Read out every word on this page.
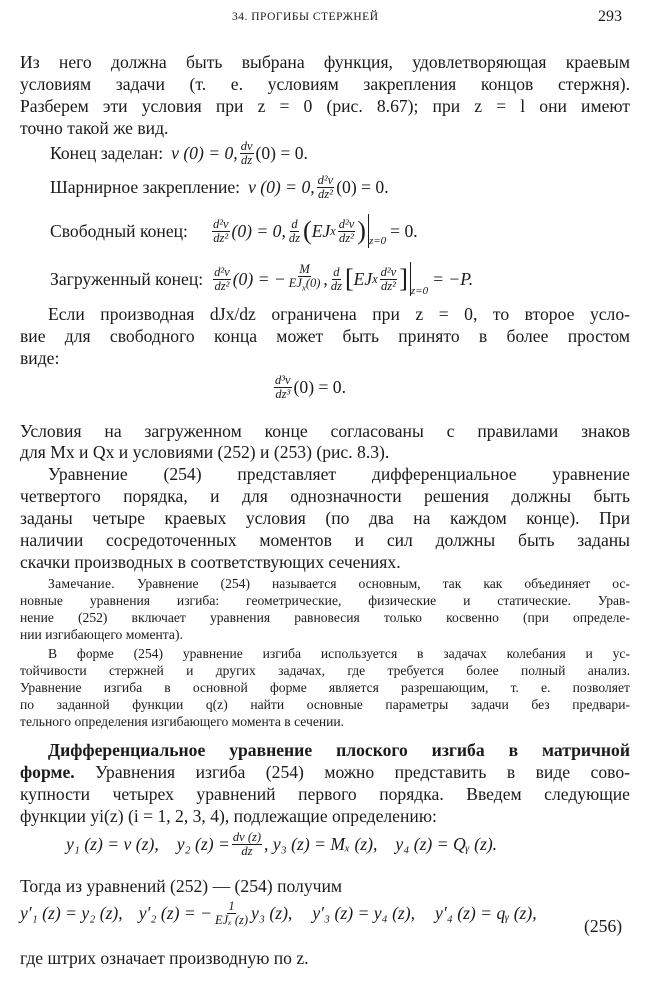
34. ПРОГИБЫ СТЕРЖНЕЙ	293
Из него должна быть выбрана функция, удовлетворяющая краевым
условиям задачи (т. е. условиям закрепления концов стержня).
Разберем эти условия при z = 0 (рис. 8.67); при z = l они имеют
точно такой же вид.
Конец заделан: v (0) = 0, $\frac{dv}{dz} (0) = 0$.
Шарнирное закрепление: v (0) = 0, $\frac{\text{d²v}}{\text{dz²}} (0) = 0$.
Свободный конец: $\frac{\text{d²v}}{\text{dz²}} (0) = 0$, $\frac{d}{dz}$ ( EJ x $\frac{\text{d²v}}{\text{dz²}}$ ) $_{z=0}$ = 0.
Загруженный конец: $\frac{\text{d²v}}{\text{dz²}} (0)$ = − $\frac{M}{EJ_x(0)}$ , $\frac{d}{dz}$ [ EJ x $\frac{\text{d²v}}{\text{dz²}}$ ] $_{z=0}$
= −P.
Если производная dJx/dz ограничена при z = 0, то второе усло-
вие для свободного конца может быть принято в более простом
виде:
$\frac{\text{d³v}}{\text{dz³}} (0) = 0$.
Условия на загруженном конце согласованы с правилами знаков
для Mx и Qx и условиями (252) и (253) (рис. 8.3).
Уравнение (254) представляет дифференциальное уравнение
четвертого порядка, и для однозначности решения должны быть
заданы четыре краевых условия (по два на каждом конце). При
наличии сосредоточенных моментов и сил должны быть заданы
скачки производных в соответствующих сечениях.
Замечание. Уравнение (254) называется основным, так как объединяет ос-
новные уравнения изгиба: геометрические, физические и статические. Урав-
нение (252) включает уравнения равновесия только косвенно (при определе-
нии изгибающего момента).
В форме (254) уравнение изгиба используется в задачах колебания и ус-
тойчивости стержней и других задачах, где требуется более полный анализ.
Уравнение изгиба в основной форме является разрешающим, т. е. позволяет
по заданной функции q(z) найти основные параметры задачи без предвари-
тельного определения изгибающего момента в сечении.
Дифференциальное уравнение плоского изгиба в матричной
форме. Уравнения изгиба (254) можно представить в виде сово-
купности четырех уравнений первого порядка. Введем следующие
функции yi(z) (i = 1, 2, 3, 4), подлежащие определению:
y₁ (z) = v (z), y₂ $(z) = \frac{dv (z)}{dz}$ , y₃ (z) = Mₓ (z), y₄ (z) = Qᵧ (z).
Тогда из уравнений (252) — (254) получим
y′₁ (z) = y₂ (z), y′₂ (z) = − $\frac{1}{\text{EJₓ (z)}} y_3$ (z), y′₃ (z) = y₄ (z), y′₄ (z) = qᵧ (z),
(256)
где штрих означает производную по z.
